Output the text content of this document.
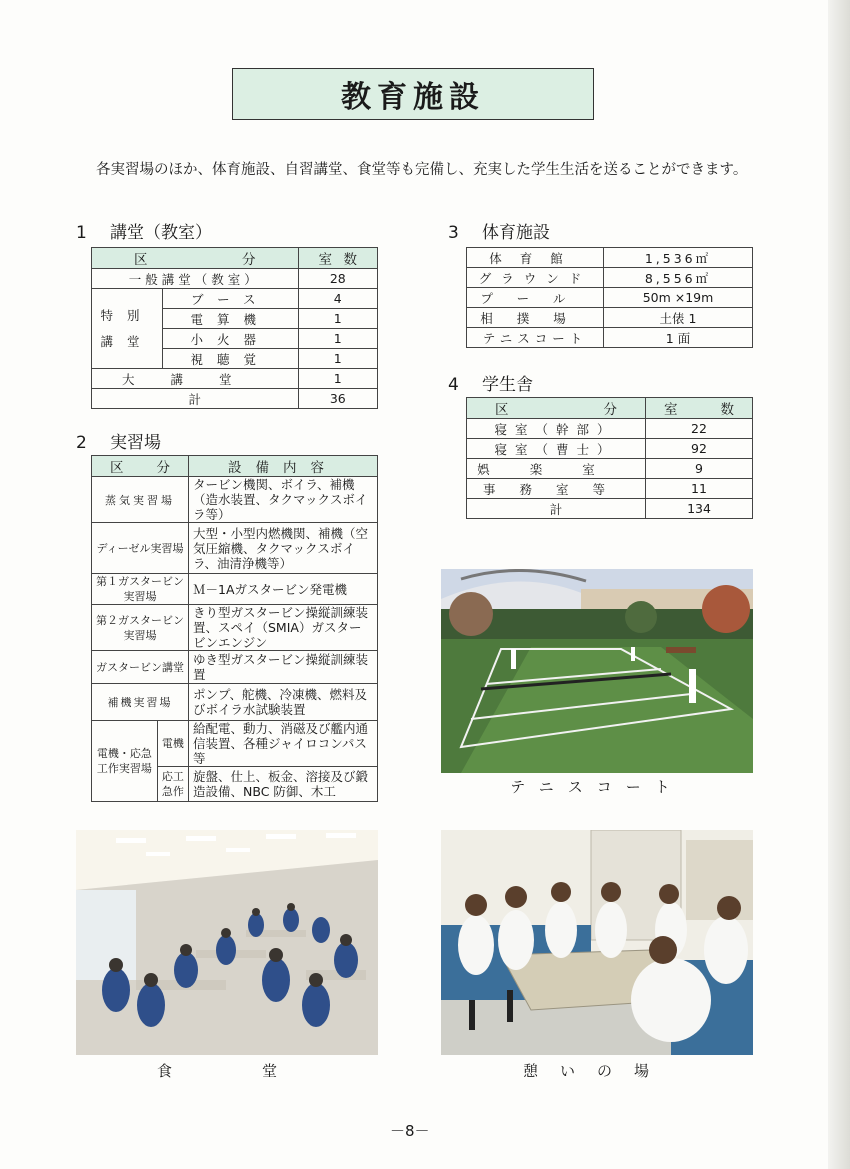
教育施設
各実習場のほか、体育施設、自習講堂、食堂等も完備し、充実した学生生活を送ることができます。
1 講堂（教室）
区 分		室 数

一般講堂（教室）		28
特別講堂	ブース	4
	電算機	1
	小火器	1
	視聴覚	1
大講堂		1
計		36
2 実習場
区 分		設備内容
蒸気実習場		タービン機関、ボイラ、補機（造水装置、タクマックスボイラ等）
ディーゼル実習場		大型・小型内燃機関、補機（空気圧縮機、タクマックスボイラ、油清浄機等）
第１ガスタービン実習場		Ｍ－1Aガスタービン発電機
第２ガスタービン実習場		きり型ガスタービン操縦訓練装置、スペイ（SMIA）ガスタービンエンジン
ガスタービン講堂		ゆき型ガスタービン操縦訓練装置
補機実習場		ポンプ、舵機、冷凍機、燃料及びボイラ水試験装置
電機・応急工作実習場	電機	給配電、動力、消磁及び艦内通信装置、各種ジャイロコンパス等
	応工急作	旋盤、仕上、板金、溶接及び鍛造設備、NBC 防御、木工
3 体育施設
体育館	1,536㎡
グラウンド	8,556㎡
プール	50m ×19m
相撲場	土俵 1
テニスコート	1 面
4 学生舎
区 分	室 数

寝室（幹部）	22
寝室（曹士）	92
娯楽室	9
事務室等	11
計	134
テニスコート
食　　堂	憩いの場
－8－
